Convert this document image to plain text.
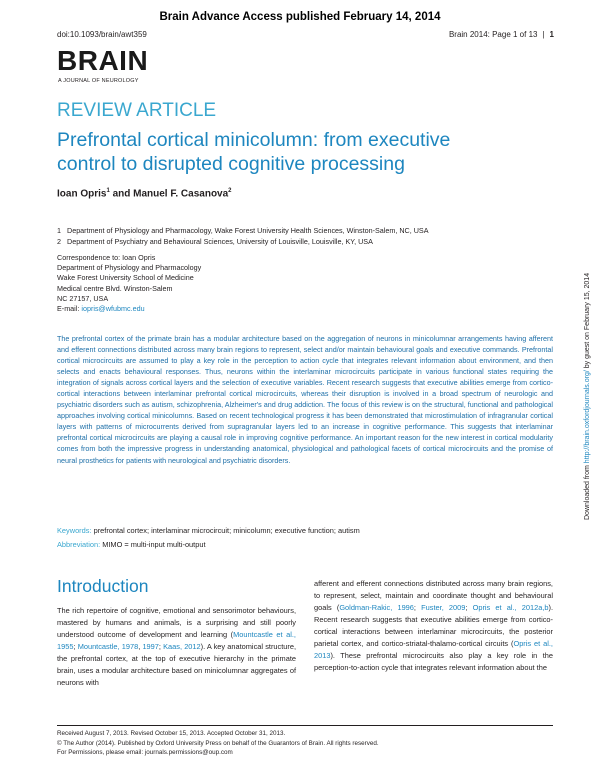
Brain Advance Access published February 14, 2014
doi:10.1093/brain/awt359	Brain 2014: Page 1 of 13 | 1
BRAIN
A JOURNAL OF NEUROLOGY
REVIEW ARTICLE
Prefrontal cortical minicolumn: from executive control to disrupted cognitive processing
Ioan Opris$^1$ and Manuel F. Casanova$^2$
1 Department of Physiology and Pharmacology, Wake Forest University Health Sciences, Winston-Salem, NC, USA
2 Department of Psychiatry and Behavioural Sciences, University of Louisville, Louisville, KY, USA
Correspondence to: Ioan Opris
Department of Physiology and Pharmacology
Wake Forest University School of Medicine
Medical centre Blvd. Winston-Salem
NC 27157, USA
E-mail: iopris@wfubmc.edu
The prefrontal cortex of the primate brain has a modular architecture based on the aggregation of neurons in minicolumnar arrangements having afferent and efferent connections distributed across many brain regions to represent, select and/or maintain behavioural goals and executive commands. Prefrontal cortical microcircuits are assumed to play a key role in the perception to action cycle that integrates relevant information about environment, and then selects and enacts behavioural responses. Thus, neurons within the interlaminar microcircuits participate in various functional states requiring the integration of signals across cortical layers and the selection of executive variables. Recent research suggests that executive abilities emerge from cortico-cortical interactions between interlaminar prefrontal cortical microcircuits, whereas their disruption is involved in a broad spectrum of neurologic and psychiatric disorders such as autism, schizophrenia, Alzheimer's and drug addiction. The focus of this review is on the structural, functional and pathological approaches involving cortical minicolumns. Based on recent technological progress it has been demonstrated that microstimulation of infragranular cortical layers with patterns of microcurrents derived from supragranular layers led to an increase in cognitive performance. This suggests that interlaminar prefrontal cortical microcircuits are playing a causal role in improving cognitive performance. An important reason for the new interest in cortical modularity comes from both the impressive progress in understanding anatomical, physiological and pathological facets of cortical microcircuits and the promise of neural prosthetics for patients with neurological and psychiatric disorders.
Keywords: prefrontal cortex; interlaminar microcircuit; minicolumn; executive function; autism
Abbreviation: MIMO = multi-input multi-output
Introduction
The rich repertoire of cognitive, emotional and sensorimotor behaviours, mastered by humans and animals, is a surprising and still poorly understood outcome of development and learning (Mountcastle et al., 1955; Mountcastle, 1978, 1997; Kaas, 2012). A key anatomical structure, the prefrontal cortex, at the top of executive hierarchy in the primate brain, uses a modular architecture based on minicolumnar aggregates of neurons with
afferent and efferent connections distributed across many brain regions, to represent, select, maintain and coordinate thought and behavioural goals (Goldman-Rakic, 1996; Fuster, 2009; Opris et al., 2012a,b). Recent research suggests that executive abilities emerge from cortico-cortical interactions between interlaminar microcircuits, the posterior parietal cortex, and cortico-striatal-thalamo-cortical circuits (Opris et al., 2013). These prefrontal microcircuits also play a key role in the perception-to-action cycle that integrates relevant information about the
Received August 7, 2013. Revised October 15, 2013. Accepted October 31, 2013.
© The Author (2014). Published by Oxford University Press on behalf of the Guarantors of Brain. All rights reserved.
For Permissions, please email: journals.permissions@oup.com
Downloaded from http://brain.oxfordjournals.org/ by guest on February 15, 2014
